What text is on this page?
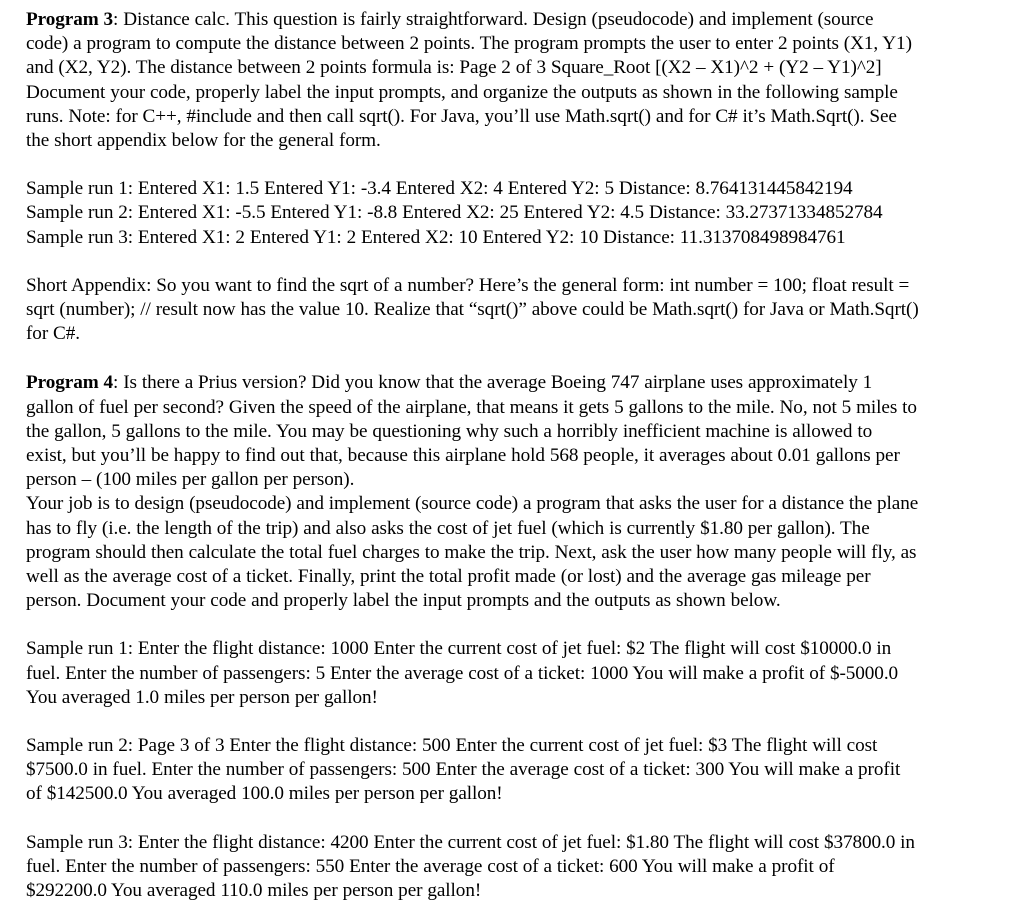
Program 3: Distance calc. This question is fairly straightforward. Design (pseudocode) and implement (source
code) a program to compute the distance between 2 points. The program prompts the user to enter 2 points (X1, Y1)
and (X2, Y2). The distance between 2 points formula is: Page 2 of 3 Square_Root [(X2 – X1)^2 + (Y2 – Y1)^2]
Document your code, properly label the input prompts, and organize the outputs as shown in the following sample
runs. Note: for C++, #include and then call sqrt(). For Java, you’ll use Math.sqrt() and for C# it’s Math.Sqrt(). See
the short appendix below for the general form.

Sample run 1: Entered X1: 1.5 Entered Y1: -3.4 Entered X2: 4 Entered Y2: 5 Distance: 8.764131445842194
Sample run 2: Entered X1: -5.5 Entered Y1: -8.8 Entered X2: 25 Entered Y2: 4.5 Distance: 33.27371334852784
Sample run 3: Entered X1: 2 Entered Y1: 2 Entered X2: 10 Entered Y2: 10 Distance: 11.313708498984761

Short Appendix: So you want to find the sqrt of a number? Here’s the general form: int number = 100; float result =
sqrt (number); // result now has the value 10. Realize that “sqrt()” above could be Math.sqrt() for Java or Math.Sqrt()
for C#.

Program 4: Is there a Prius version? Did you know that the average Boeing 747 airplane uses approximately 1
gallon of fuel per second? Given the speed of the airplane, that means it gets 5 gallons to the mile. No, not 5 miles to
the gallon, 5 gallons to the mile. You may be questioning why such a horribly inefficient machine is allowed to
exist, but you’ll be happy to find out that, because this airplane hold 568 people, it averages about 0.01 gallons per
person – (100 miles per gallon per person).
Your job is to design (pseudocode) and implement (source code) a program that asks the user for a distance the plane
has to fly (i.e. the length of the trip) and also asks the cost of jet fuel (which is currently $1.80 per gallon). The
program should then calculate the total fuel charges to make the trip. Next, ask the user how many people will fly, as
well as the average cost of a ticket. Finally, print the total profit made (or lost) and the average gas mileage per
person. Document your code and properly label the input prompts and the outputs as shown below.

Sample run 1: Enter the flight distance: 1000 Enter the current cost of jet fuel: $2 The flight will cost $10000.0 in
fuel. Enter the number of passengers: 5 Enter the average cost of a ticket: 1000 You will make a profit of $-5000.0
You averaged 1.0 miles per person per gallon!

Sample run 2: Page 3 of 3 Enter the flight distance: 500 Enter the current cost of jet fuel: $3 The flight will cost
$7500.0 in fuel. Enter the number of passengers: 500 Enter the average cost of a ticket: 300 You will make a profit
of $142500.0 You averaged 100.0 miles per person per gallon!

Sample run 3: Enter the flight distance: 4200 Enter the current cost of jet fuel: $1.80 The flight will cost $37800.0 in
fuel. Enter the number of passengers: 550 Enter the average cost of a ticket: 600 You will make a profit of
$292200.0 You averaged 110.0 miles per person per gallon!
